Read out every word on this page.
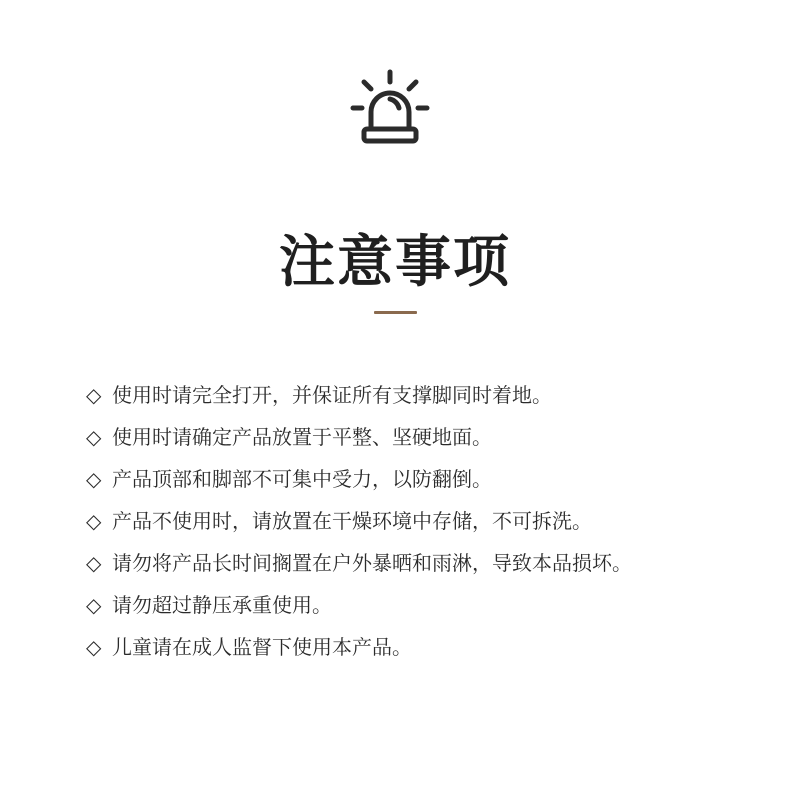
注意事项
◇ 使用时请完全打开，并保证所有支撑脚同时着地。
◇ 使用时请确定产品放置于平整、坚硬地面。
◇ 产品顶部和脚部不可集中受力，以防翻倒。
◇ 产品不使用时，请放置在干燥环境中存储，不可拆洗。
◇ 请勿将产品长时间搁置在户外暴晒和雨淋，导致本品损坏。
◇ 请勿超过静压承重使用。
◇ 儿童请在成人监督下使用本产品。
